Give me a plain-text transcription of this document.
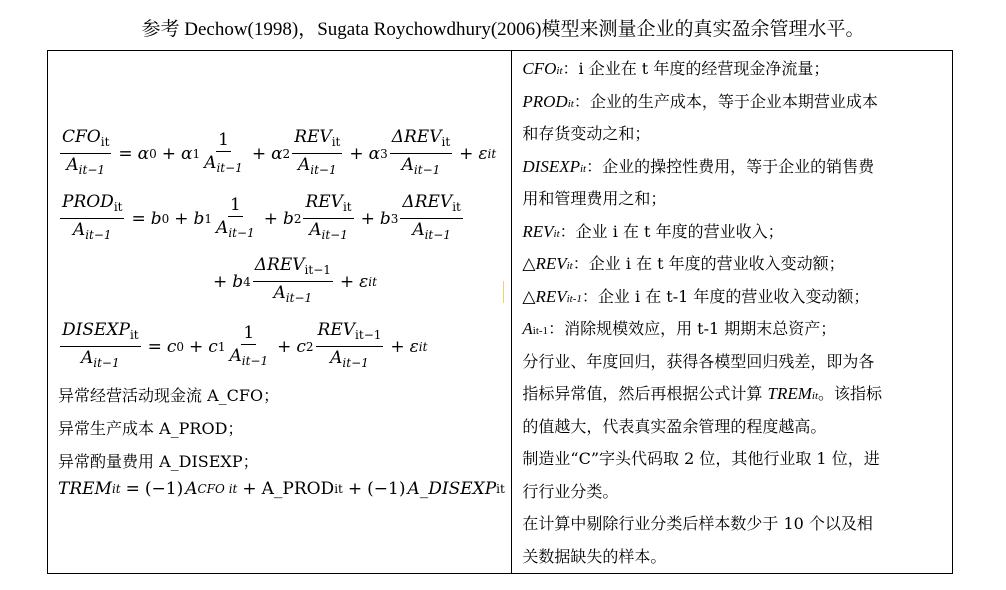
参考 Dechow(1998)，Sugata Roychowdhury(2006)模型来测量企业的真实盈余管理水平。
$\frac{CFO_{it}}{A_{it-1}} = \alpha$ 0 + α $1 \frac{1}{A_{it-1}} + \alpha$ $2 \frac{REV_{it}}{A_{it-1}} + \alpha$ $3 \frac{\Delta REV_{it}}{A_{it-1}} + \varepsilon$ it
$\frac{PROD_{it}}{A_{it-1}} = b$ 0 + b $1 \frac{1}{A_{it-1}} + b$ $2 \frac{REV_{it}}{A_{it-1}} + b$ $3 \frac{\Delta REV_{it}}{A_{it-1}}$
+ b $4 \frac{\Delta REV_{it-1}}{A_{it-1}} + \varepsilon$ it
$\frac{DISEXP_{it}}{A_{it-1}} = c$ 0 + c $1 \frac{1}{A_{it-1}} + c$ $2 \frac{REV_{it-1}}{A_{it-1}} + \varepsilon$ it
异常经营活动现金流 A_CFO；
异常生产成本 A_PROD；
异常酌量费用 A_DISEXP；
TREM it = (−1) A CFO it + A_PROD it + (−1) A_DISEXP it

CFOit：i 企业在 t 年度的经营现金净流量；
PRODit：企业的生产成本，等于企业本期营业成本
和存货变动之和；
DISEXPit：企业的操控性费用，等于企业的销售费
用和管理费用之和；
REVit：企业 i 在 t 年度的营业收入；
△REVit：企业 i 在 t 年度的营业收入变动额；
△REVit-1：企业 i 在 t-1 年度的营业收入变动额；
Ait-1：消除规模效应，用 t-1 期期末总资产；
分行业、年度回归，获得各模型回归残差，即为各
指标异常值，然后再根据公式计算 TREMit。该指标
的值越大，代表真实盈余管理的程度越高。
制造业“C”字头代码取 2 位，其他行业取 1 位，进
行行业分类。
在计算中剔除行业分类后样本数少于 10 个以及相
关数据缺失的样本。
